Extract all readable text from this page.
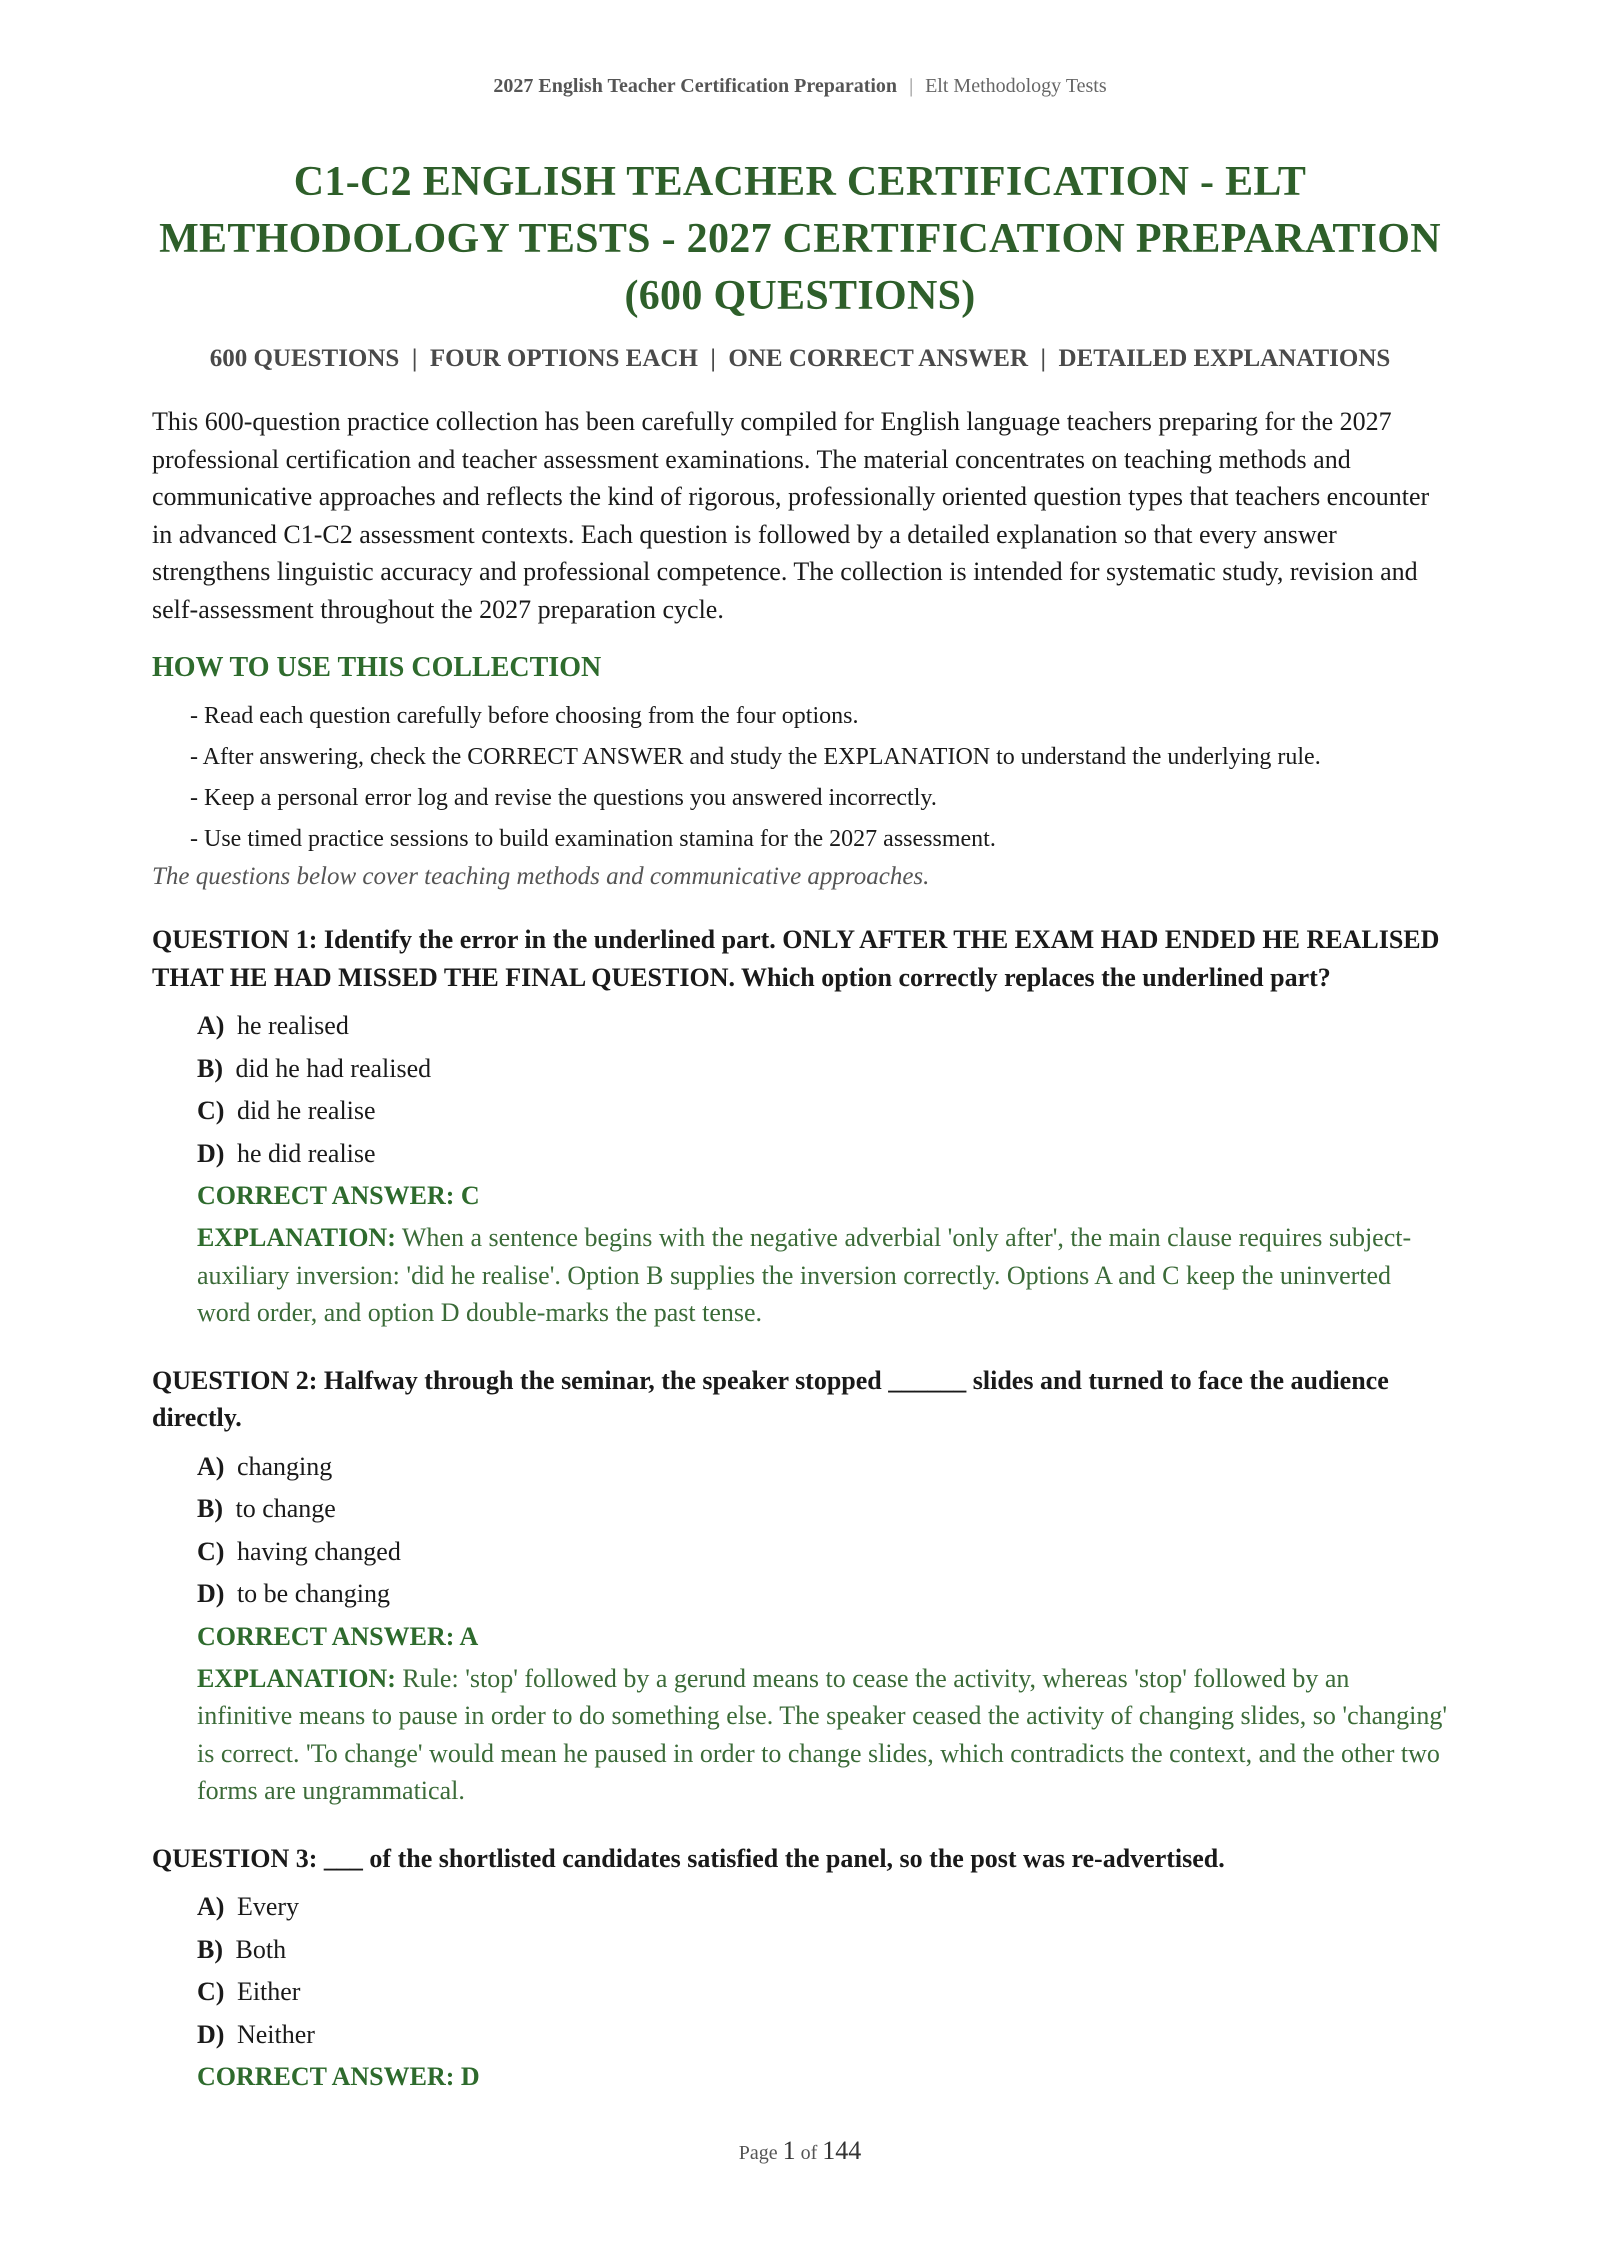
2027 English Teacher Certification Preparation | Elt Methodology Tests
C1-C2 ENGLISH TEACHER CERTIFICATION - ELT METHODOLOGY TESTS - 2027 CERTIFICATION PREPARATION (600 QUESTIONS)
600 QUESTIONS  |  FOUR OPTIONS EACH  |  ONE CORRECT ANSWER  |  DETAILED EXPLANATIONS
This 600-question practice collection has been carefully compiled for English language teachers preparing for the 2027 professional certification and teacher assessment examinations. The material concentrates on teaching methods and communicative approaches and reflects the kind of rigorous, professionally oriented question types that teachers encounter in advanced C1-C2 assessment contexts. Each question is followed by a detailed explanation so that every answer strengthens linguistic accuracy and professional competence. The collection is intended for systematic study, revision and self-assessment throughout the 2027 preparation cycle.
HOW TO USE THIS COLLECTION
- Read each question carefully before choosing from the four options.
- After answering, check the CORRECT ANSWER and study the EXPLANATION to understand the underlying rule.
- Keep a personal error log and revise the questions you answered incorrectly.
- Use timed practice sessions to build examination stamina for the 2027 assessment.
The questions below cover teaching methods and communicative approaches.
QUESTION 1: Identify the error in the underlined part. ONLY AFTER THE EXAM HAD ENDED HE REALISED THAT HE HAD MISSED THE FINAL QUESTION. Which option correctly replaces the underlined part?
A) he realised
B) did he had realised
C) did he realise
D) he did realise
CORRECT ANSWER: C
EXPLANATION: When a sentence begins with the negative adverbial 'only after', the main clause requires subject-auxiliary inversion: 'did he realise'. Option B supplies the inversion correctly. Options A and C keep the uninverted word order, and option D double-marks the past tense.
QUESTION 2: Halfway through the seminar, the speaker stopped ______ slides and turned to face the audience directly.
A) changing
B) to change
C) having changed
D) to be changing
CORRECT ANSWER: A
EXPLANATION: Rule: 'stop' followed by a gerund means to cease the activity, whereas 'stop' followed by an infinitive means to pause in order to do something else. The speaker ceased the activity of changing slides, so 'changing' is correct. 'To change' would mean he paused in order to change slides, which contradicts the context, and the other two forms are ungrammatical.
QUESTION 3: ___ of the shortlisted candidates satisfied the panel, so the post was re-advertised.
A) Every
B) Both
C) Either
D) Neither
CORRECT ANSWER: D
Page 1 of 144
